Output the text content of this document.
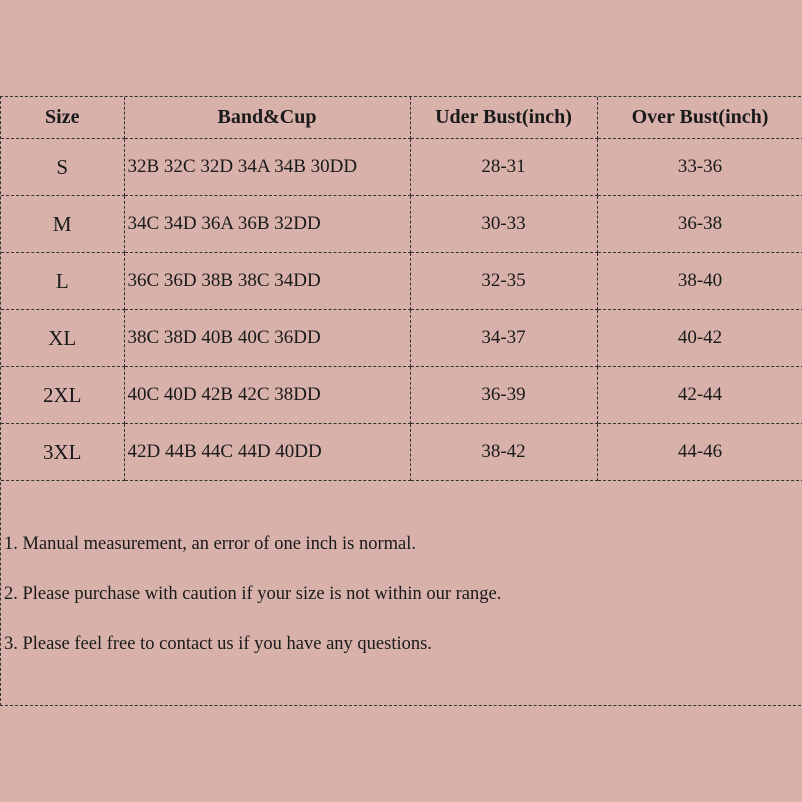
Size	Band&Cup	Uder Bust(inch)	Over Bust(inch)
S	32B 32C 32D 34A 34B 30DD	28-31	33-36
M	34C 34D 36A 36B 32DD	30-33	36-38
L	36C 36D 38B 38C 34DD	32-35	38-40
XL	38C 38D 40B 40C 36DD	34-37	40-42
2XL	40C 40D 42B 42C 38DD	36-39	42-44
3XL	42D 44B 44C 44D 40DD	38-42	44-46
1. Manual measurement, an error of one inch is normal.
2. Please purchase with caution if your size is not within our range.
3. Please feel free to contact us if you have any questions.
